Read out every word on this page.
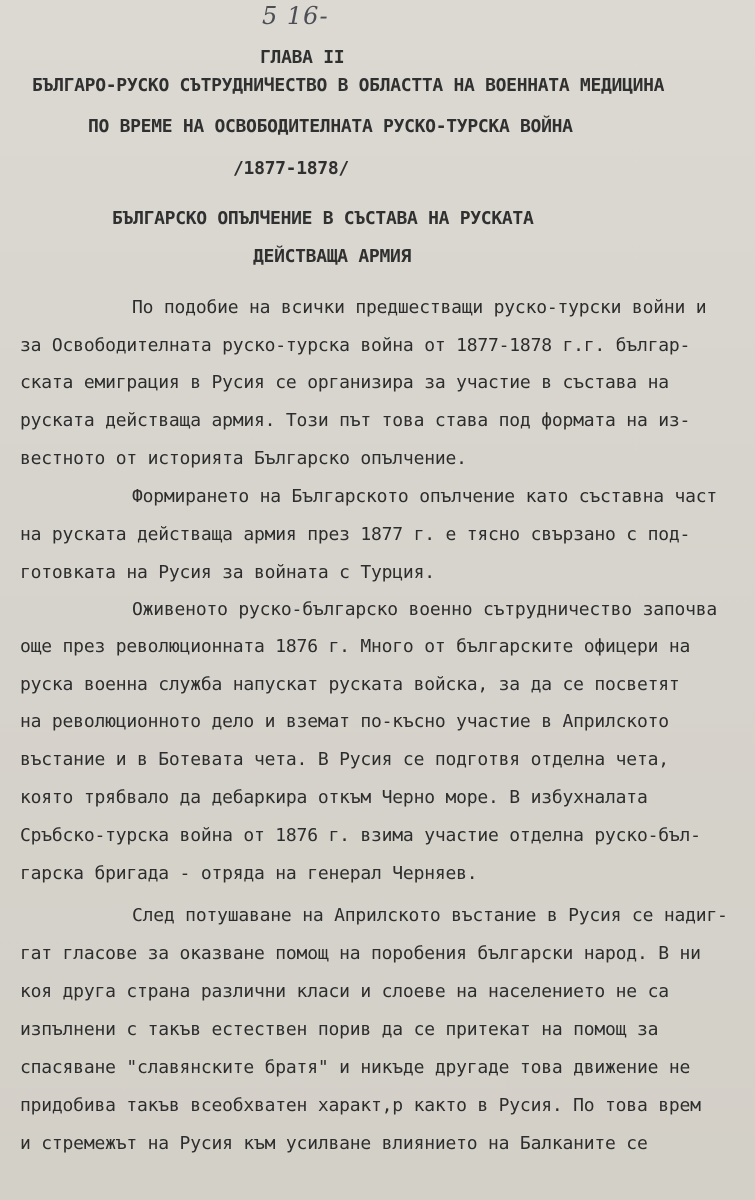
5 16-
ГЛАВА II
БЪЛГАРО-РУСКО СЪТРУДНИЧЕСТВО В ОБЛАСТТА НА ВОЕННАТА МЕДИЦИНА
ПО ВРЕМЕ НА ОСВОБОДИТЕЛНАТА РУСКО-ТУРСКА ВОЙНА
/1877-1878/
БЪЛГАРСКО ОПЪЛЧЕНИЕ В СЪСТАВА НА РУСКАТА
ДЕЙСТВАЩА АРМИЯ
По подобие на всички предшестващи руско-турски войни и
за Освободителната руско-турска война от 1877-1878 г.г. българ-
ската емиграция в Русия се организира за участие в състава на
руската действаща армия. Този път това става под формата на из-
вестното от историята Българско опълчение.
Формирането на Българското опълчение като съставна част
на руската действаща армия през 1877 г. е тясно свързано с под-
готовката на Русия за войната с Турция.
Оживеното руско-българско военно сътрудничество започва
още през революционната 1876 г. Много от българските офицери на
руска военна служба напускат руската войска, за да се посветят
на революционното дело и вземат по-късно участие в Априлското
въстание и в Ботевата чета. В Русия се подготвя отделна чета,
която трябвало да дебаркира откъм Черно море. В избухналата
Сръбско-турска война от 1876 г. взима участие отделна руско-бъл-
гарска бригада - отряда на генерал Черняев.
След потушаване на Априлското въстание в Русия се надиг-
гат гласове за оказване помощ на поробения български народ. В ни
коя друга страна различни класи и слоеве на населението не са
изпълнени с такъв естествен порив да се притекат на помощ за
спасяване "славянските братя" и никъде другаде това движение не
придобива такъв всеобхватен характ,р както в Русия. По това врем
и стремежът на Русия към усилване влиянието на Балканите се
